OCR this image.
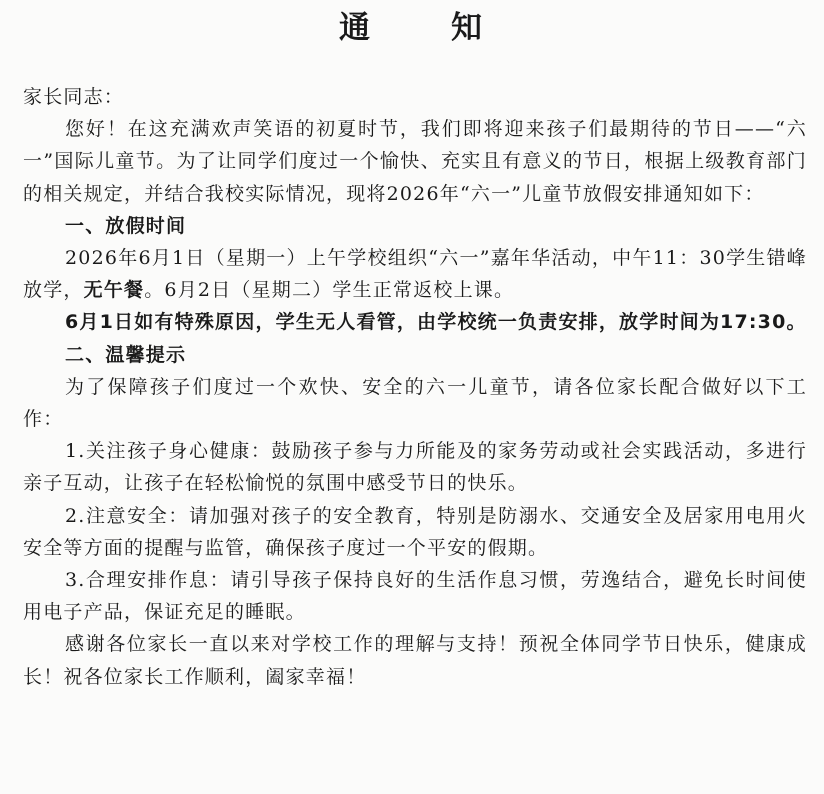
通	知

家长同志：

您好！在这充满欢声笑语的初夏时节，我们即将迎来孩子们最期待的节日——“六一”国际儿童节。为了让同学们度过一个愉快、充实且有意义的节日，根据上级教育部门的相关规定，并结合我校实际情况，现将2026年“六一”儿童节放假安排通知如下：

一、放假时间

2026年6月1日（星期一）上午学校组织“六一”嘉年华活动，中午11：30学生错峰放学，无午餐。6月2日（星期二）学生正常返校上课。

6月1日如有特殊原因，学生无人看管，由学校统一负责安排，放学时间为17:30。

二、温馨提示

为了保障孩子们度过一个欢快、安全的六一儿童节，请各位家长配合做好以下工作：

1.关注孩子身心健康：鼓励孩子参与力所能及的家务劳动或社会实践活动，多进行亲子互动，让孩子在轻松愉悦的氛围中感受节日的快乐。

2.注意安全：请加强对孩子的安全教育，特别是防溺水、交通安全及居家用电用火安全等方面的提醒与监管，确保孩子度过一个平安的假期。

3.合理安排作息：请引导孩子保持良好的生活作息习惯，劳逸结合，避免长时间使用电子产品，保证充足的睡眠。

感谢各位家长一直以来对学校工作的理解与支持！预祝全体同学节日快乐，健康成长！祝各位家长工作顺利，阖家幸福！
